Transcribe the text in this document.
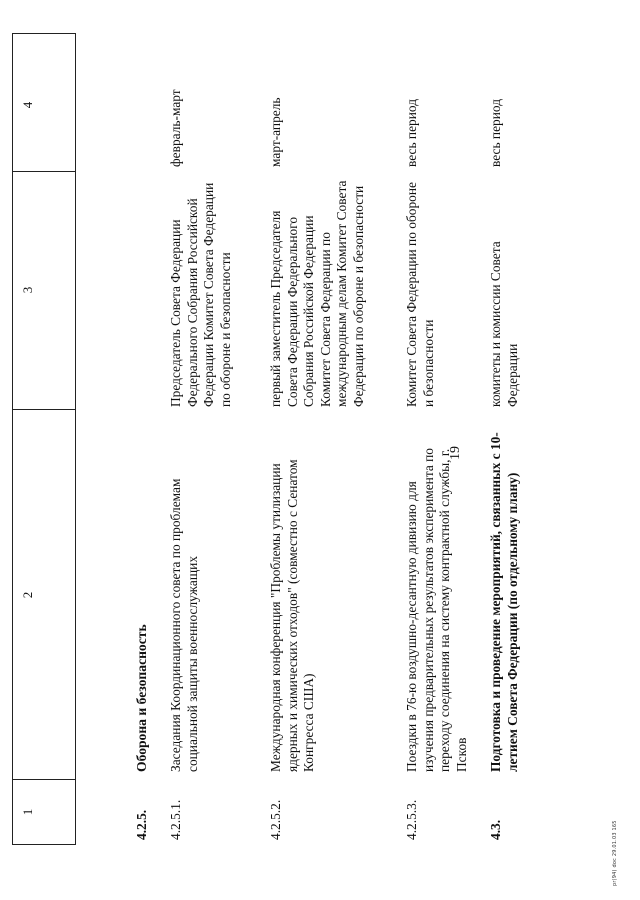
19
1
2
3
4
4.2.5.
Оборона и безопасность
4.2.5.1.
Заседания Координационного совета по проблемам социальной защиты военнослужащих
Председатель Совета Федерации Федерального Собрания Российской Федерации Комитет Совета Федерации по обороне и безопасности
февраль-март
4.2.5.2.
Международная конференция "Проблемы утилизации ядерных и химических отходов" (совместно с Сенатом Конгресса США)
первый заместитель Председателя Совета Федерации Федерального Собрания Российской Федерации Комитет Совета Федерации по международным делам Комитет Совета Федерации по обороне и безопасности
март-апрель
4.2.5.3.
Поездки в 76-ю воздушно-десантную дивизию для изучения предварительных результатов эксперимента по переходу соединения на систему контрактной службы, г. Псков
Комитет Совета Федерации по обороне и безопасности
весь период
4.3.
Подготовка и проведение мероприятий, связанных с 10-летием Совета Федерации (по отдельному плану)
комитеты и комиссии Совета Федерации
весь период
pr(94) doc 29.01.03 165
